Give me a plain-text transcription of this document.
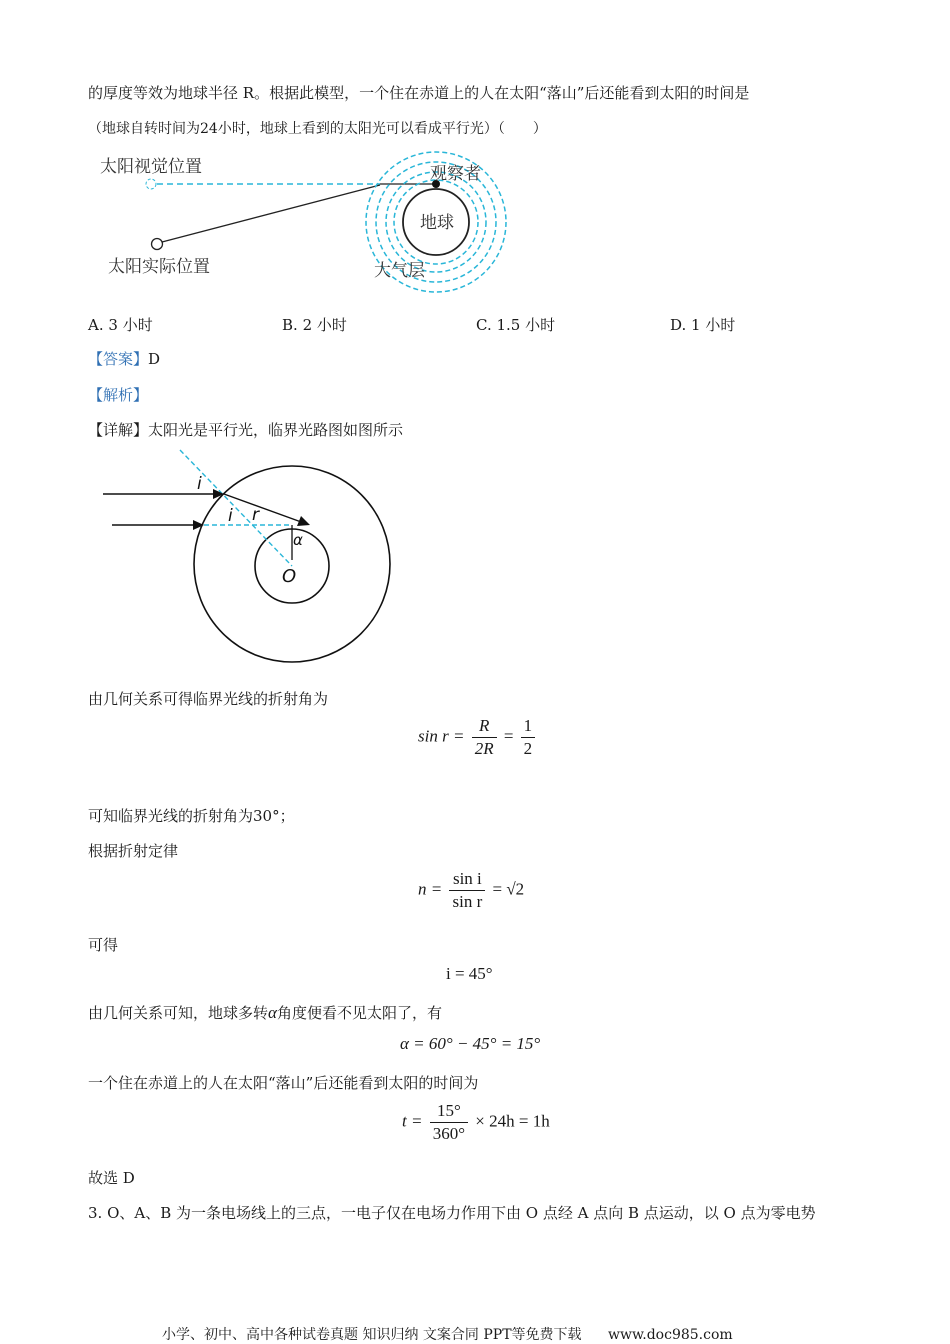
的厚度等效为地球半径 R。根据此模型，一个住在赤道上的人在太阳“落山”后还能看到太阳的时间是
（地球自转时间为24小时，地球上看到的太阳光可以看成平行光）（　　）
太阳视觉位置	观察者
地球
大气层
太阳实际位置
A. 3 小时	B. 2 小时	C. 1.5 小时	D. 1 小时
【答案】D
【解析】
【详解】太阳光是平行光，临界光路图如图所示
i
i r
α
O
由几何关系可得临界光线的折射角为
$\sin r = \frac{R}{2R} = \frac{1}{2}$
可知临界光线的折射角为30°；
根据折射定律
$n = \frac{\text{sin i}}{\text{sin r}} = √2$
可得
i = 45°
由几何关系可知，地球多转α角度便看不见太阳了，有
α = 60° − 45° = 15°
一个住在赤道上的人在太阳“落山”后还能看到太阳的时间为
$t = \frac{15^\circ}{360^\circ} \times 24h = 1h$
故选 D
3. O、A、B 为一条电场线上的三点，一电子仅在电场力作用下由 O 点经 A 点向 B 点运动，以 O 点为零电势
小学、初中、高中各种试卷真题 知识归纳 文案合同 PPT等免费下载 www.doc985.com
